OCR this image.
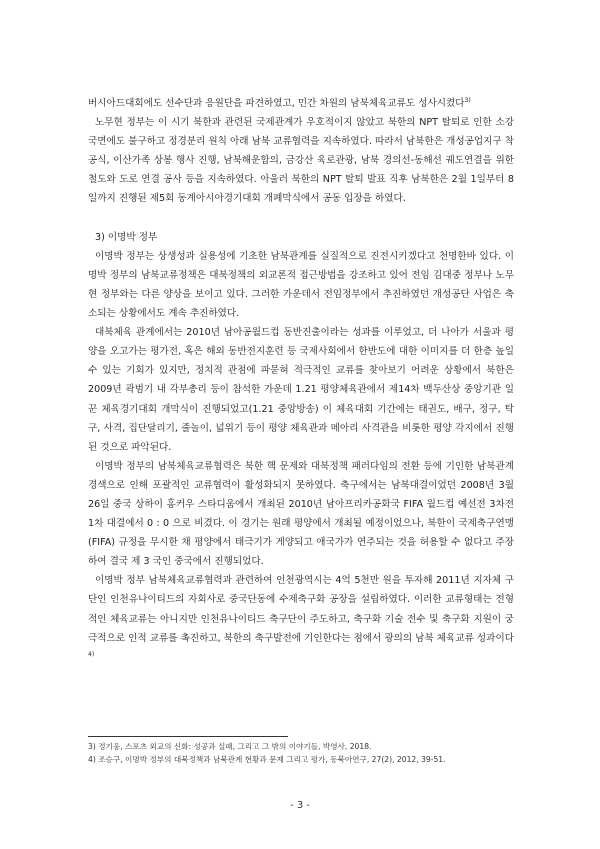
버시아드대회에도 선수단과 응원단을 파견하였고, 민간 차원의 남북체육교류도 성사시켰다$^{3)}$

노무현 정부는 이 시기 북한과 관련된 국제관계가 우호적이지 않았고 북한의 NPT 탈퇴로 인한 소강국면에도 불구하고 정경분리 원칙 아래 남북 교류협력을 지속하였다. 따라서 남북한은 개성공업지구 착공식, 이산가족 상봉 행사 진행, 남북해운합의, 금강산 육로관광, 남북 경의선-동해선 궤도연결을 위한 철도와 도로 연결 공사 등을 지속하였다. 아울러 북한의 NPT 탈퇴 발표 직후 남북한은 2월 1일부터 8일까지 진행된 제5회 동계아시아경기대회 개폐막식에서 공동 입장을 하였다.

3) 이명박 정부

이명박 정부는 상생성과 실용성에 기초한 남북관계를 실질적으로 진전시키겠다고 천명한바 있다. 이명박 정부의 남북교류정책은 대북정책의 외교론적 접근방법을 강조하고 있어 전임 김대중 정부나 노무현 정부와는 다른 양상을 보이고 있다. 그러한 가운데서 전임정부에서 추진하였던 개성공단 사업은 축소되는 상황에서도 계속 추진하였다.

대북체육 관계에서는 2010년 남아공월드컵 동반진출이라는 성과를 이루었고, 더 나아가 서울과 평양을 오고가는 평가전, 혹은 해외 동반전지훈련 등 국제사회에서 한반도에 대한 이미지를 더 한층 높일 수 있는 기회가 있지만, 정치적 관점에 파묻혀 적극적인 교류를 찾아보기 어려운 상황에서 북한은 2009년 곽범기 내 각부총리 등이 참석한 가운데 1.21 평양체육관에서 제14차 백두산상 중앙기관 일꾼 체육경기대회 개막식이 진행되었고(1.21 중앙방송) 이 체육대회 기간에는 태권도, 배구, 정구, 탁구, 사격, 집단달리기, 줄놀이, 넓위기 등이 평양 체육관과 메아리 사격관을 비롯한 평양 각지에서 진행된 것으로 파악된다.

이명박 정부의 남북체육교류협력은 북한 핵 문제와 대북정책 패러다임의 전환 등에 기인한 남북관계 경색으로 인해 포괄적인 교류협력이 활성화되지 못하였다. 축구에서는 남북대결이었던 2008년 3월 26일 중국 상하이 홍커우 스타디움에서 개최된 2010년 남아프리카공화국 FIFA 월드컵 예선전 3차전 1차 대결에서 0 : 0 으로 비겼다. 이 경기는 원래 평양에서 개최될 예정이었으나, 북한이 국제축구연맹(FIFA) 규정을 무시한 채 평양에서 태극기가 게양되고 애국가가 연주되는 것을 허용할 수 없다고 주장하여 결국 제 3 국인 중국에서 진행되었다.

이명박 정부 남북체육교류협력과 관련하여 인천광역시는 4억 5천만 원을 투자해 2011년 지자체 구단인 인천유나이티드의 자회사로 중국단동에 수제축구화 공장을 설립하였다. 이러한 교류형태는 전형적인 체육교류는 아니지만 인천유나이티드 축구단이 주도하고, 축구화 기술 전수 및 축구화 지원이 궁극적으로 인적 교류를 촉진하고, 북한의 축구발전에 기인한다는 점에서 광의의 남북 체육교류 성과이다$^{4)}$

3) 정기웅, 스포츠 외교의 신화: 성공과 실패, 그리고 그 밖의 이야기들, 박영사, 2018.

4) 조승구, 이명박 정부의 대북정책과 남북관계 현황과 문제 그리고 평가, 동북아연구, 27(2), 2012, 39-51.

- 3 -
